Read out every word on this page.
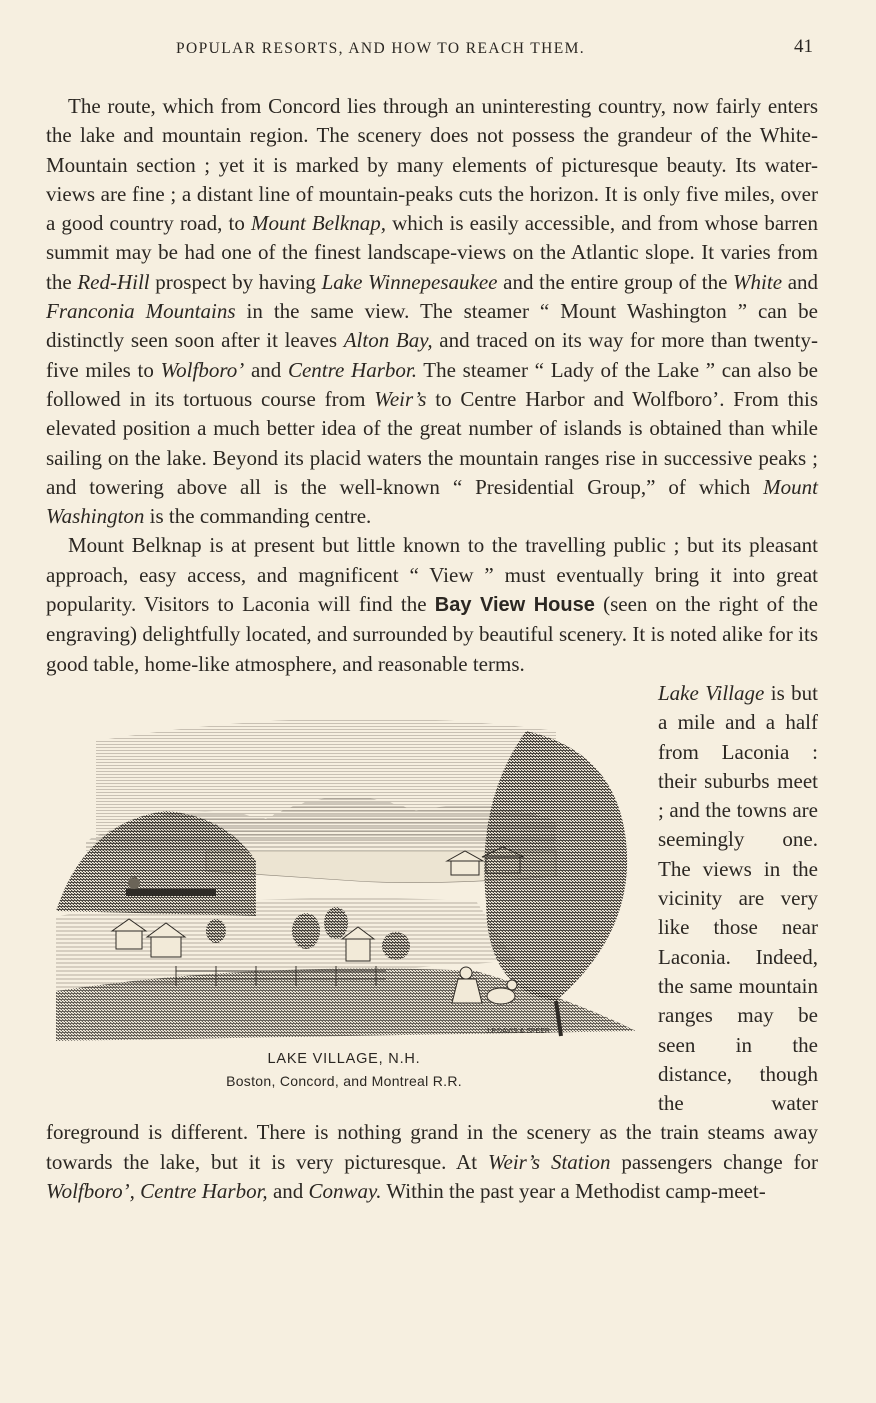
POPULAR RESORTS, AND HOW TO REACH THEM.	41

The route, which from Concord lies through an uninteresting country, now fairly enters the lake and mountain region. The scenery does not possess the grandeur of the White-Mountain section ; yet it is marked by many elements of picturesque beauty. Its water-views are fine ; a distant line of mountain-peaks cuts the horizon. It is only five miles, over a good country road, to Mount Belknap, which is easily accessible, and from whose barren summit may be had one of the finest landscape-views on the Atlantic slope. It varies from the Red-Hill prospect by having Lake Winnepesaukee and the entire group of the White and Franconia Mountains in the same view. The steamer “ Mount Washington ” can be distinctly seen soon after it leaves Alton Bay, and traced on its way for more than twenty-five miles to Wolfboro’ and Centre Harbor. The steamer “ Lady of the Lake ” can also be followed in its tortuous course from Weir’s to Centre Harbor and Wolfboro’. From this elevated position a much better idea of the great number of islands is obtained than while sailing on the lake. Beyond its placid waters the mountain ranges rise in successive peaks ; and towering above all is the well-known “ Presidential Group,” of which Mount Washington is the commanding centre.

Mount Belknap is at present but little known to the travelling public ; but its pleasant approach, easy access, and magnificent “ View ” must eventually bring it into great popularity. Visitors to Laconia will find the Bay View House (seen on the right of the engraving) delightfully located, and surrounded by beautiful scenery. It is noted alike for its good table, home-like atmosphere, and reasonable terms.

J.P.DAVIS & SPEER
LAKE VILLAGE, N.H.
Boston, Concord, and Montreal R.R.

Lake Village is but a mile and a half from Laconia : their suburbs meet ; and the towns are seemingly one. The views in the vicinity are very like those near Laconia. Indeed, the same mountain ranges may be seen in the distance, though the water foreground is different. There is nothing grand in the scenery as the train steams away towards the lake, but it is very picturesque. At Weir’s Station passengers change for Wolfboro’, Centre Harbor, and Conway. Within the past year a Methodist camp-meet-
